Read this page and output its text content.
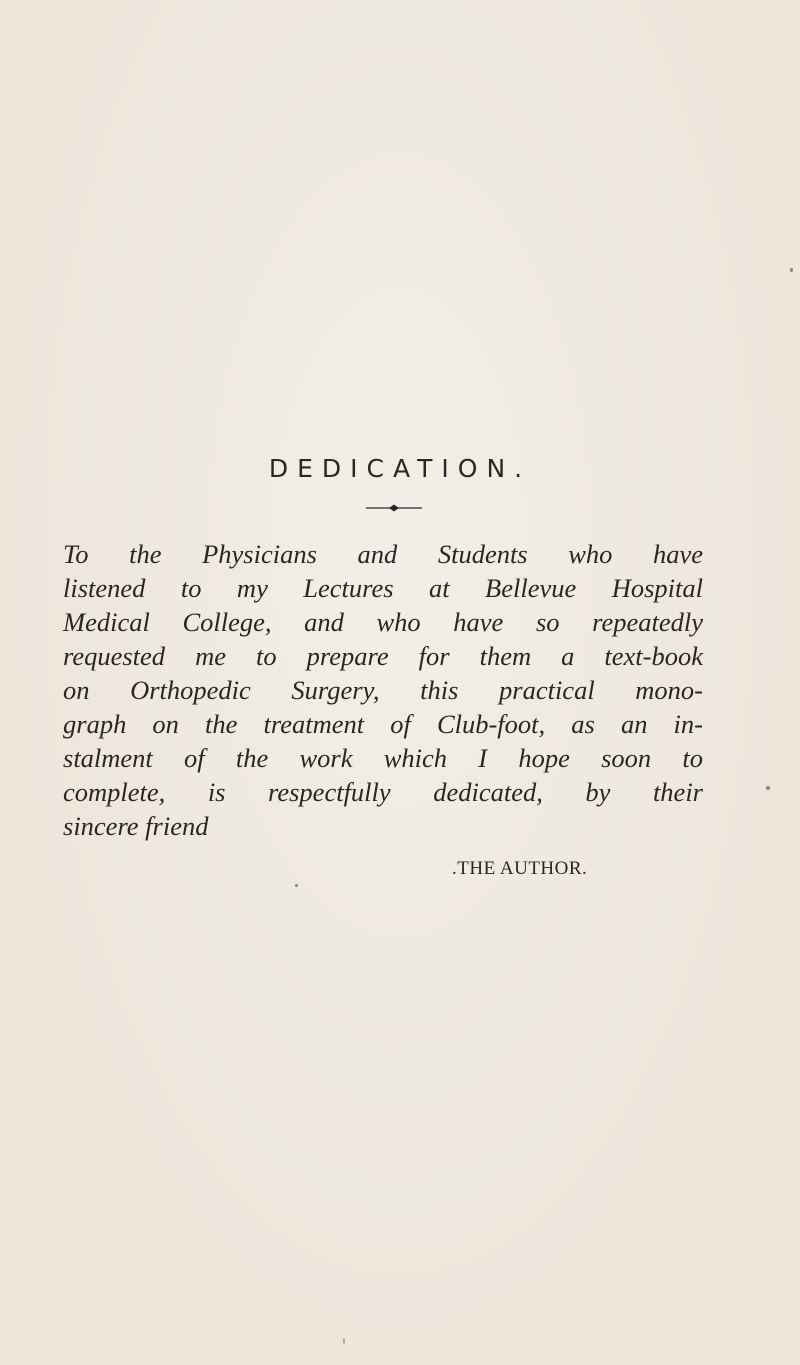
DEDICATION.

To the Physicians and Students who have
listened to my Lectures at Bellevue Hospital
Medical College, and who have so repeatedly
requested me to prepare for them a text-book
on Orthopedic Surgery, this practical mono-
graph on the treatment of Club-foot, as an in-
stalment of the work which I hope soon to
complete, is respectfully dedicated, by their
sincere friend

.THE AUTHOR.
